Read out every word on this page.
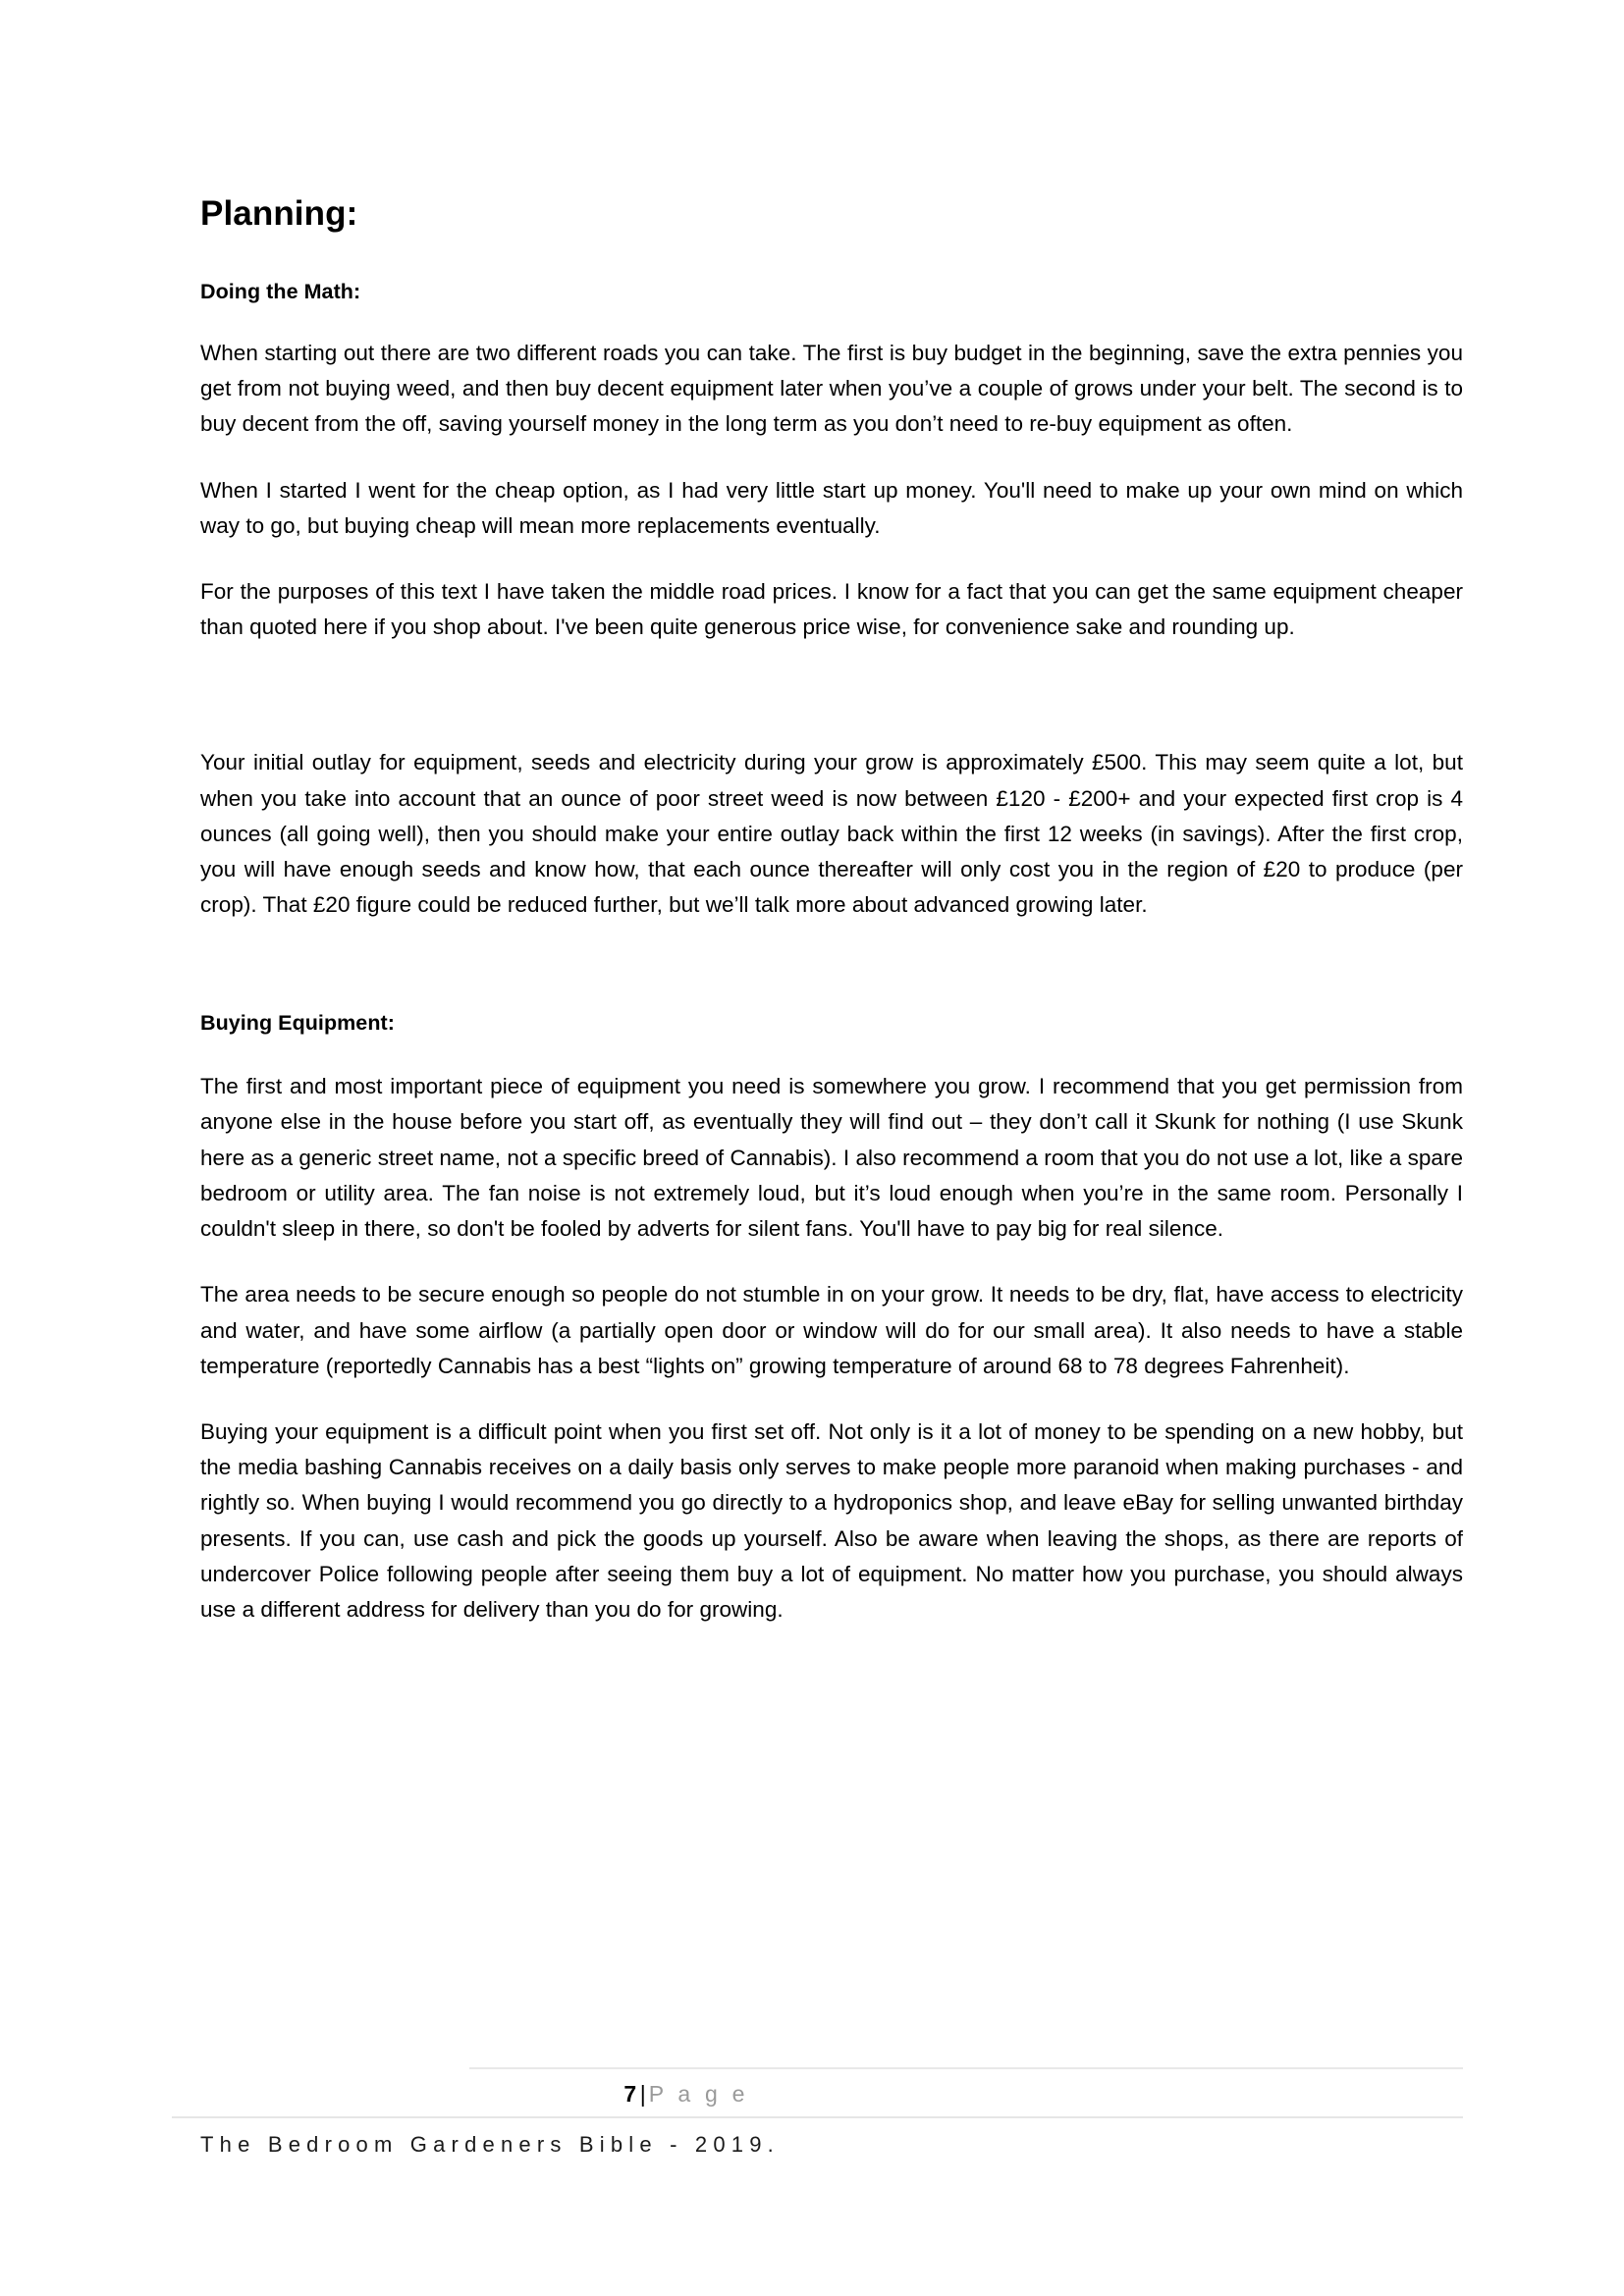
Planning:
Doing the Math:

When starting out there are two different roads you can take. The first is buy budget in the beginning, save the extra pennies you get from not buying weed, and then buy decent equipment later when you’ve a couple of grows under your belt. The second is to buy decent from the off, saving yourself money in the long term as you don’t need to re-buy equipment as often.

When I started I went for the cheap option, as I had very little start up money. You'll need to make up your own mind on which way to go, but buying cheap will mean more replacements eventually.

For the purposes of this text I have taken the middle road prices. I know for a fact that you can get the same equipment cheaper than quoted here if you shop about. I've been quite generous price wise, for convenience sake and rounding up.

Your initial outlay for equipment, seeds and electricity during your grow is approximately £500. This may seem quite a lot, but when you take into account that an ounce of poor street weed is now between £120 - £200+ and your expected first crop is 4 ounces (all going well), then you should make your entire outlay back within the first 12 weeks (in savings). After the first crop, you will have enough seeds and know how, that each ounce thereafter will only cost you in the region of £20 to produce (per crop). That £20 figure could be reduced further, but we’ll talk more about advanced growing later.

Buying Equipment:

The first and most important piece of equipment you need is somewhere you grow. I recommend that you get permission from anyone else in the house before you start off, as eventually they will find out – they don’t call it Skunk for nothing (I use Skunk here as a generic street name, not a specific breed of Cannabis). I also recommend a room that you do not use a lot, like a spare bedroom or utility area. The fan noise is not extremely loud, but it’s loud enough when you’re in the same room. Personally I couldn't sleep in there, so don't be fooled by adverts for silent fans. You'll have to pay big for real silence.

The area needs to be secure enough so people do not stumble in on your grow. It needs to be dry, flat, have access to electricity and water, and have some airflow (a partially open door or window will do for our small area). It also needs to have a stable temperature (reportedly Cannabis has a best “lights on” growing temperature of around 68 to 78 degrees Fahrenheit).

Buying your equipment is a difficult point when you first set off. Not only is it a lot of money to be spending on a new hobby, but the media bashing Cannabis receives on a daily basis only serves to make people more paranoid when making purchases - and rightly so. When buying I would recommend you go directly to a hydroponics shop, and leave eBay for selling unwanted birthday presents. If you can, use cash and pick the goods up yourself. Also be aware when leaving the shops, as there are reports of undercover Police following people after seeing them buy a lot of equipment. No matter how you purchase, you should always use a different address for delivery than you do for growing.

7 | P a g e
The Bedroom Gardeners Bible - 2019.
